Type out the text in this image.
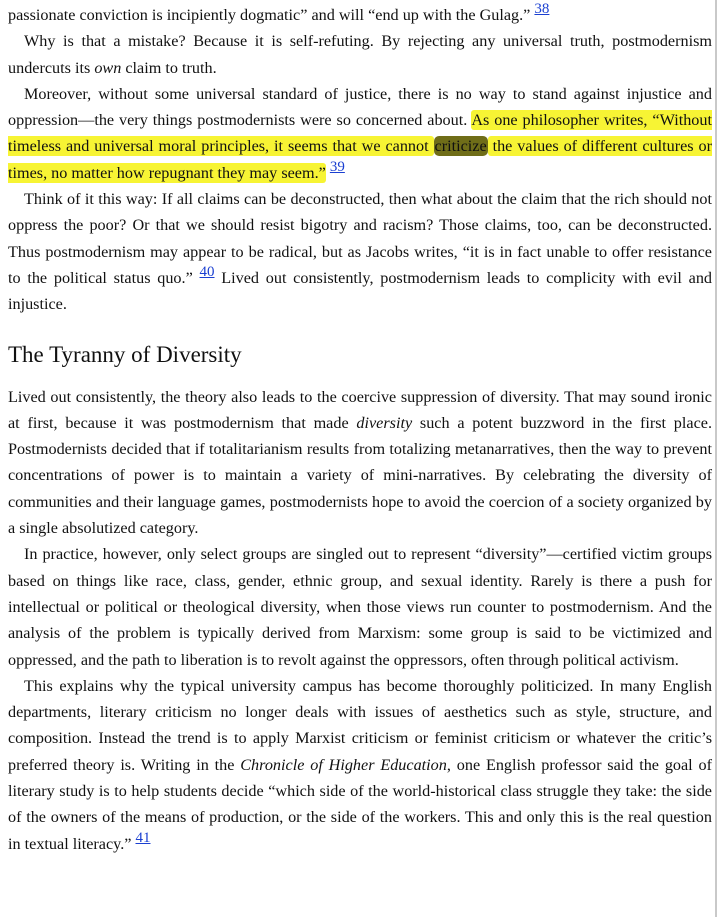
passionate conviction is incipiently dogmatic” and will “end up with the Gulag.” 38

Why is that a mistake? Because it is self-refuting. By rejecting any universal truth, postmodernism undercuts its own claim to truth.

Moreover, without some universal standard of justice, there is no way to stand against injustice and oppression—the very things postmodernists were so concerned about. As one philosopher writes, “Without timeless and universal moral principles, it seems that we cannot criticize the values of different cultures or times, no matter how repugnant they may seem.” 39

Think of it this way: If all claims can be deconstructed, then what about the claim that the rich should not oppress the poor? Or that we should resist bigotry and racism? Those claims, too, can be deconstructed. Thus postmodernism may appear to be radical, but as Jacobs writes, “it is in fact unable to offer resistance to the political status quo.” 40 Lived out consistently, postmodernism leads to complicity with evil and injustice.

The Tyranny of Diversity

Lived out consistently, the theory also leads to the coercive suppression of diversity. That may sound ironic at first, because it was postmodernism that made diversity such a potent buzzword in the first place. Postmodernists decided that if totalitarianism results from totalizing metanarratives, then the way to prevent concentrations of power is to maintain a variety of mini-narratives. By celebrating the diversity of communities and their language games, postmodernists hope to avoid the coercion of a society organized by a single absolutized category.

In practice, however, only select groups are singled out to represent “diversity”—certified victim groups based on things like race, class, gender, ethnic group, and sexual identity. Rarely is there a push for intellectual or political or theological diversity, when those views run counter to postmodernism. And the analysis of the problem is typically derived from Marxism: some group is said to be victimized and oppressed, and the path to liberation is to revolt against the oppressors, often through political activism.

This explains why the typical university campus has become thoroughly politicized. In many English departments, literary criticism no longer deals with issues of aesthetics such as style, structure, and composition. Instead the trend is to apply Marxist criticism or feminist criticism or whatever the critic’s preferred theory is. Writing in the Chronicle of Higher Education, one English professor said the goal of literary study is to help students decide “which side of the world-historical class struggle they take: the side of the owners of the means of production, or the side of the workers. This and only this is the real question in textual literacy.” 41
